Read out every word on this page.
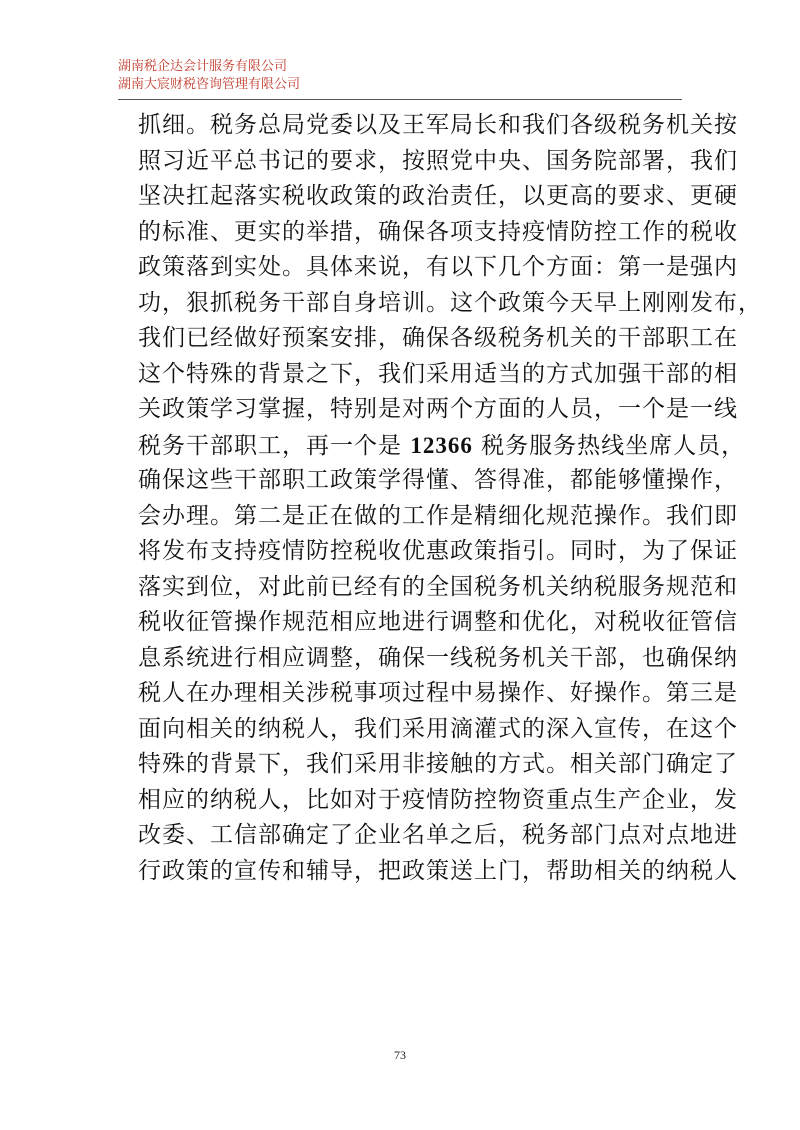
湖南税企达会计服务有限公司
湖南大宸财税咨询管理有限公司
抓细。税务总局党委以及王军局长和我们各级税务机关按
照习近平总书记的要求，按照党中央、国务院部署，我们
坚决扛起落实税收政策的政治责任，以更高的要求、更硬
的标准、更实的举措，确保各项支持疫情防控工作的税收
政策落到实处。具体来说，有以下几个方面：第一是强内
功，狠抓税务干部自身培训。这个政策今天早上刚刚发布，
我们已经做好预案安排，确保各级税务机关的干部职工在
这个特殊的背景之下，我们采用适当的方式加强干部的相
关政策学习掌握，特别是对两个方面的人员，一个是一线
税务干部职工，再一个是 12366 税务服务热线坐席人员，
确保这些干部职工政策学得懂、答得准，都能够懂操作，
会办理。第二是正在做的工作是精细化规范操作。我们即
将发布支持疫情防控税收优惠政策指引。同时，为了保证
落实到位，对此前已经有的全国税务机关纳税服务规范和
税收征管操作规范相应地进行调整和优化，对税收征管信
息系统进行相应调整，确保一线税务机关干部，也确保纳
税人在办理相关涉税事项过程中易操作、好操作。第三是
面向相关的纳税人，我们采用滴灌式的深入宣传，在这个
特殊的背景下，我们采用非接触的方式。相关部门确定了
相应的纳税人，比如对于疫情防控物资重点生产企业，发
改委、工信部确定了企业名单之后，税务部门点对点地进
行政策的宣传和辅导，把政策送上门，帮助相关的纳税人
73
